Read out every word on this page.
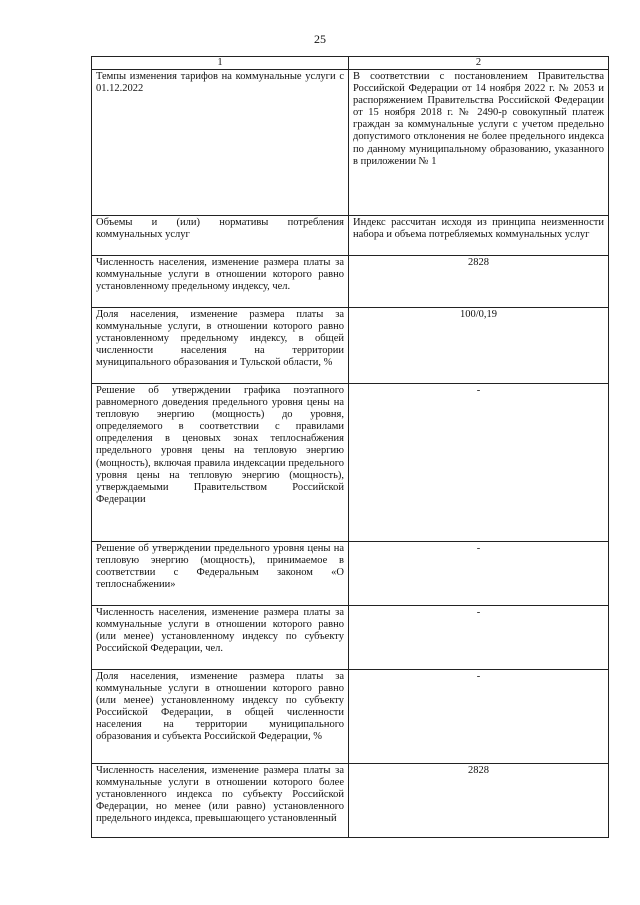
25
1	2
Темпы изменения тарифов на коммунальные услуги с 01.12.2022	В соответствии с постановлением Правительства Российской Федерации от 14 ноября 2022 г. № 2053 и распоряжением Правительства Российской Федерации от 15 ноября 2018 г. № 2490-р совокупный платеж граждан за коммунальные услуги с учетом предельно допустимого отклонения не более предельного индекса по данному муниципальному образованию, указанного в приложении № 1
Объемы и (или) нормативы потребления коммунальных услуг	Индекс рассчитан исходя из принципа неизменности набора и объема потребляемых коммунальных услуг
Численность населения, изменение размера платы за коммунальные услуги в отношении которого равно установленному предельному индексу, чел.	2828
Доля населения, изменение размера платы за коммунальные услуги, в отношении которого равно установленному предельному индексу, в общей численности населения на территории муниципального образования и Тульской области, %	100/0,19
Решение об утверждении графика поэтапного равномерного доведения предельного уровня цены на тепловую энергию (мощность) до уровня, определяемого в соответствии с правилами определения в ценовых зонах теплоснабжения предельного уровня цены на тепловую энергию (мощность), включая правила индексации предельного уровня цены на тепловую энергию (мощность), утверждаемыми Правительством Российской Федерации	-
Решение об утверждении предельного уровня цены на тепловую энергию (мощность), принимаемое в соответствии с Федеральным законом «О теплоснабжении»	-
Численность населения, изменение размера платы за коммунальные услуги в отношении которого равно (или менее) установленному индексу по субъекту Российской Федерации, чел.	-
Доля населения, изменение размера платы за коммунальные услуги в отношении которого равно (или менее) установленному индексу по субъекту Российской Федерации, в общей численности населения на территории муниципального образования и субъекта Российской Федерации, %	-
Численность населения, изменение размера платы за коммунальные услуги в отношении которого более установленного индекса по субъекту Российской Федерации, но менее (или равно) установленного предельного индекса, превышающего установленный	2828
